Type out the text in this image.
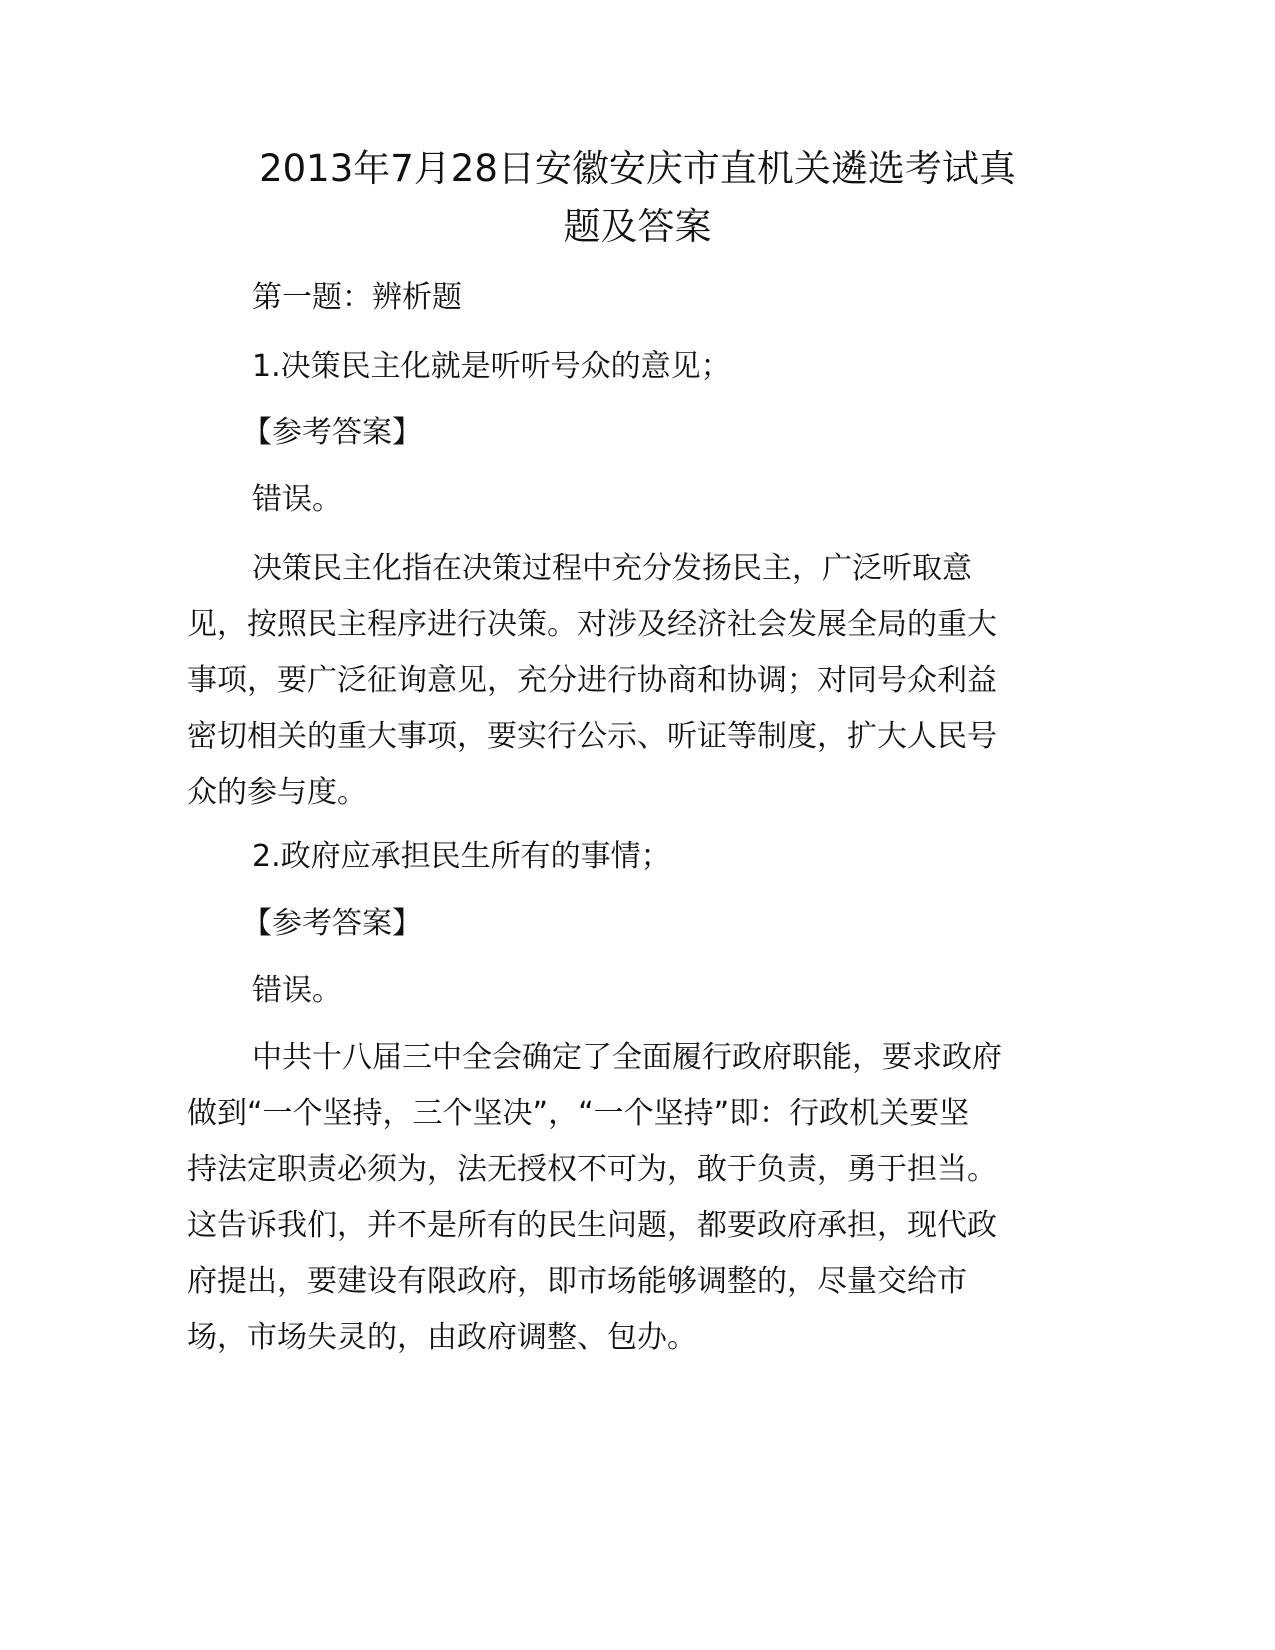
2013年7月28日安徽安庆市直机关遴选考试真
题及答案

第一题：辨析题

1.决策民主化就是听听号众的意见；

【参考答案】

错误。

决策民主化指在决策过程中充分发扬民主，广泛听取意
见，按照民主程序进行决策。对涉及经济社会发展全局的重大
事项，要广泛征询意见，充分进行协商和协调；对同号众利益
密切相关的重大事项，要实行公示、听证等制度，扩大人民号
众的参与度。

2.政府应承担民生所有的事情；

【参考答案】

错误。

中共十八届三中全会确定了全面履行政府职能，要求政府
做到“一个坚持，三个坚决”，“一个坚持”即：行政机关要坚
持法定职责必须为，法无授权不可为，敢于负责，勇于担当。
这告诉我们，并不是所有的民生问题，都要政府承担，现代政
府提出，要建设有限政府，即市场能够调整的，尽量交给市
场，市场失灵的，由政府调整、包办。
